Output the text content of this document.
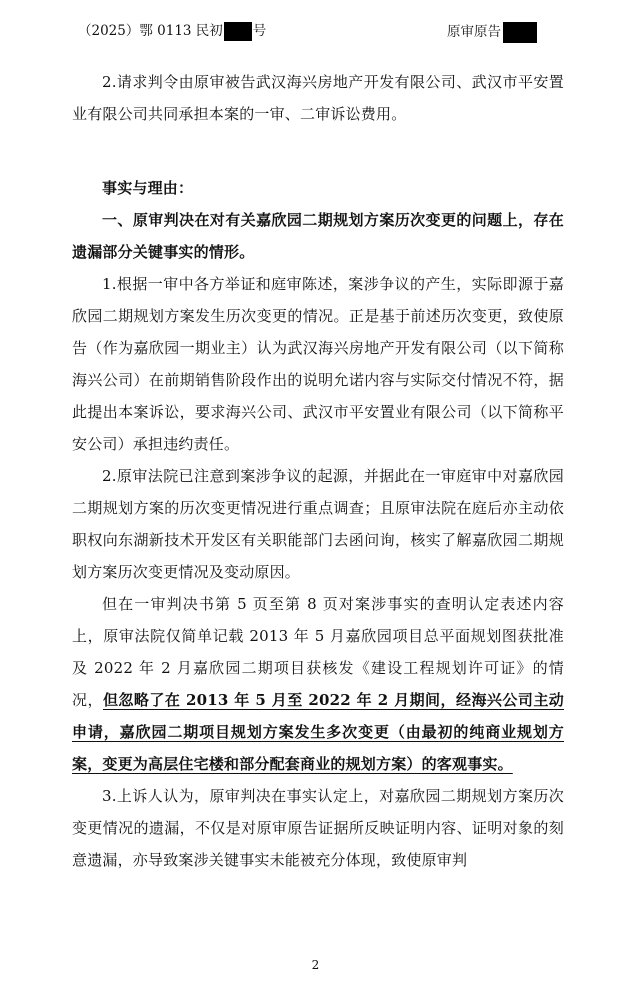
（2025）鄂 0113 民初 号	原审原告

2.请求判令由原审被告武汉海兴房地产开发有限公司、武汉市平安置业有限公司共同承担本案的一审、二审诉讼费用。

事实与理由：

一、原审判决在对有关嘉欣园二期规划方案历次变更的问题上，存在遗漏部分关键事实的情形。

1.根据一审中各方举证和庭审陈述，案涉争议的产生，实际即源于嘉欣园二期规划方案发生历次变更的情况。正是基于前述历次变更，致使原告（作为嘉欣园一期业主）认为武汉海兴房地产开发有限公司（以下简称海兴公司）在前期销售阶段作出的说明允诺内容与实际交付情况不符，据此提出本案诉讼，要求海兴公司、武汉市平安置业有限公司（以下简称平安公司）承担违约责任。

2.原审法院已注意到案涉争议的起源，并据此在一审庭审中对嘉欣园二期规划方案的历次变更情况进行重点调查；且原审法院在庭后亦主动依职权向东湖新技术开发区有关职能部门去函问询，核实了解嘉欣园二期规划方案历次变更情况及变动原因。

但在一审判决书第 5 页至第 8 页对案涉事实的查明认定表述内容上，原审法院仅简单记载 2013 年 5 月嘉欣园项目总平面规划图获批准及 2022 年 2 月嘉欣园二期项目获核发《建设工程规划许可证》的情况，但忽略了在 2013 年 5 月至 2022 年 2 月期间，经海兴公司主动申请，嘉欣园二期项目规划方案发生多次变更（由最初的纯商业规划方案，变更为高层住宅楼和部分配套商业的规划方案）的客观事实。

3.上诉人认为，原审判决在事实认定上，对嘉欣园二期规划方案历次变更情况的遗漏，不仅是对原审原告证据所反映证明内容、证明对象的刻意遗漏，亦导致案涉关键事实未能被充分体现，致使原审判

2
